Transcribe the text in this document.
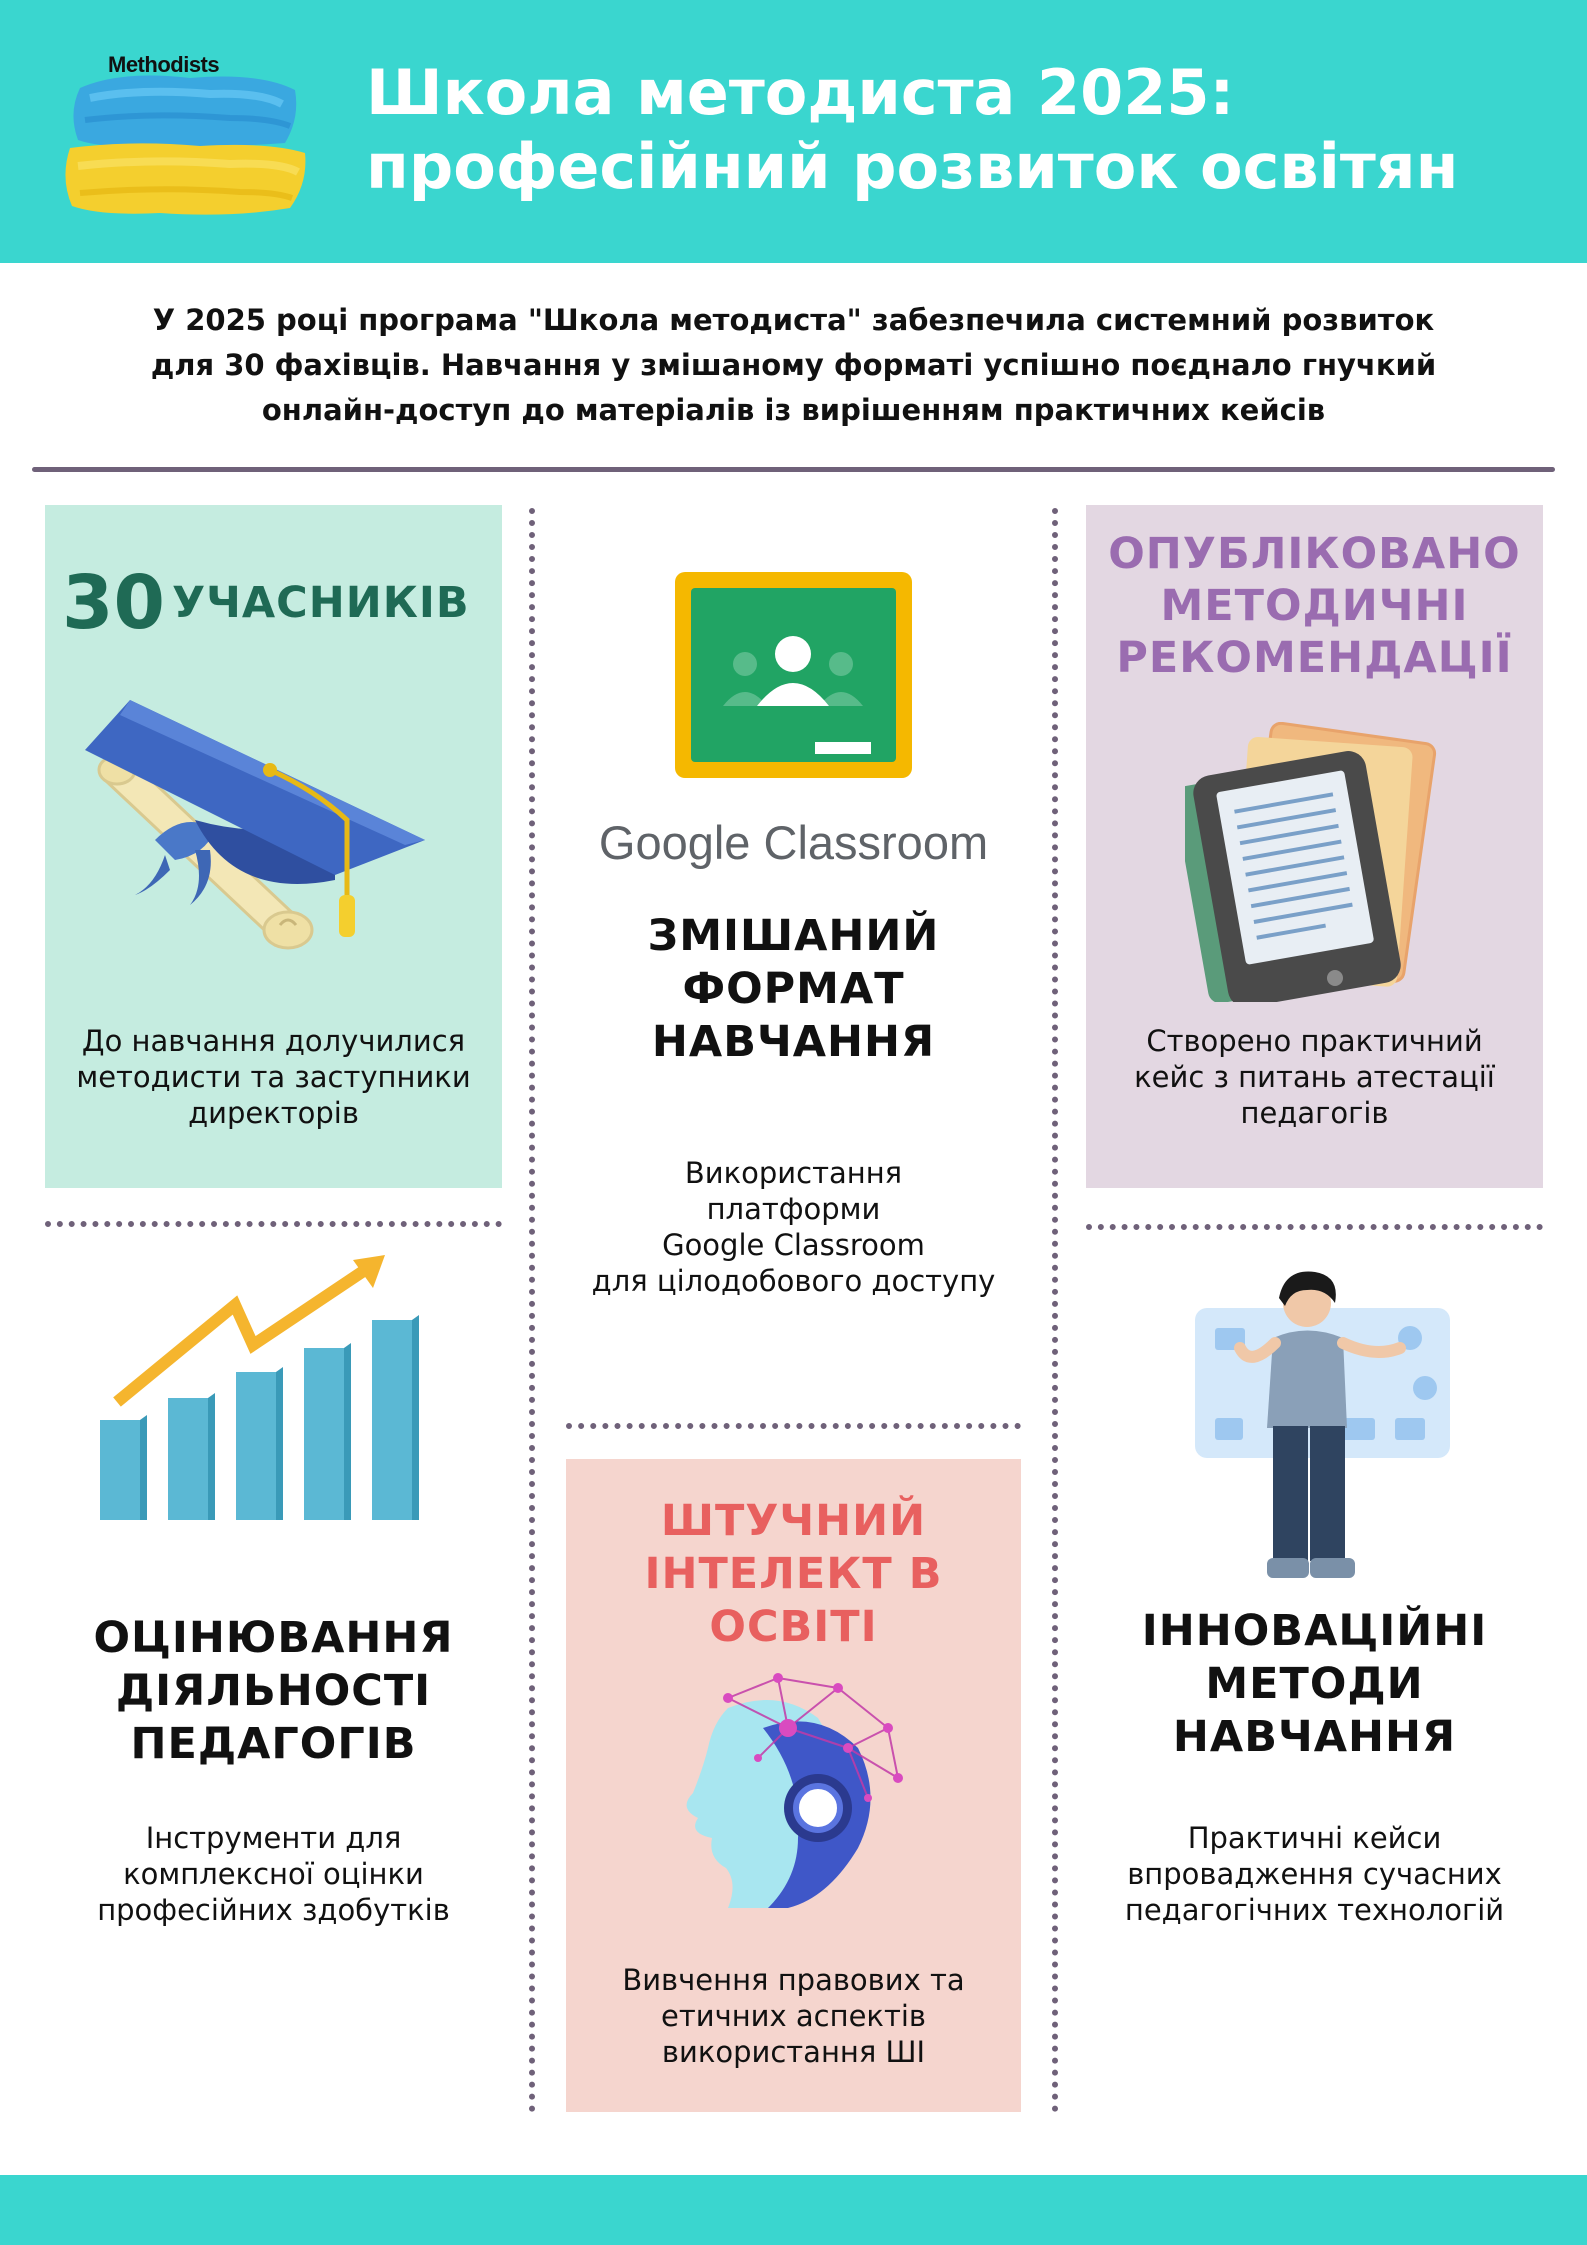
Methodists Школа методиста 2025:
професійний розвиток освітян
У 2025 році програма "Школа методиста" забезпечила системний розвиток
для 30 фахівців. Навчання у змішаному форматі успішно поєднало гнучкий
онлайн-доступ до матеріалів із вирішенням практичних кейсів
30 УЧАСНИКІВ
До навчання долучилися
методисти та заступники
директорів
Google Classroom
ЗМІШАНИЙ
ФОРМАТ
НАВЧАННЯ
Використання
платформи
Google Classroom
для цілодобового доступу
ОПУБЛІКОВАНО
МЕТОДИЧНІ
РЕКОМЕНДАЦІЇ
Створено практичний
кейс з питань атестації
педагогів
ОЦІНЮВАННЯ
ДІЯЛЬНОСТІ
ПЕДАГОГІВ
Інструменти для
комплексної оцінки
професійних здобутків
ШТУЧНИЙ
ІНТЕЛЕКТ В
ОСВІТІ
Вивчення правових та
етичних аспектів
використання ШІ
ІННОВАЦІЙНІ
МЕТОДИ
НАВЧАННЯ
Практичні кейси
впровадження сучасних
педагогічних технологій
